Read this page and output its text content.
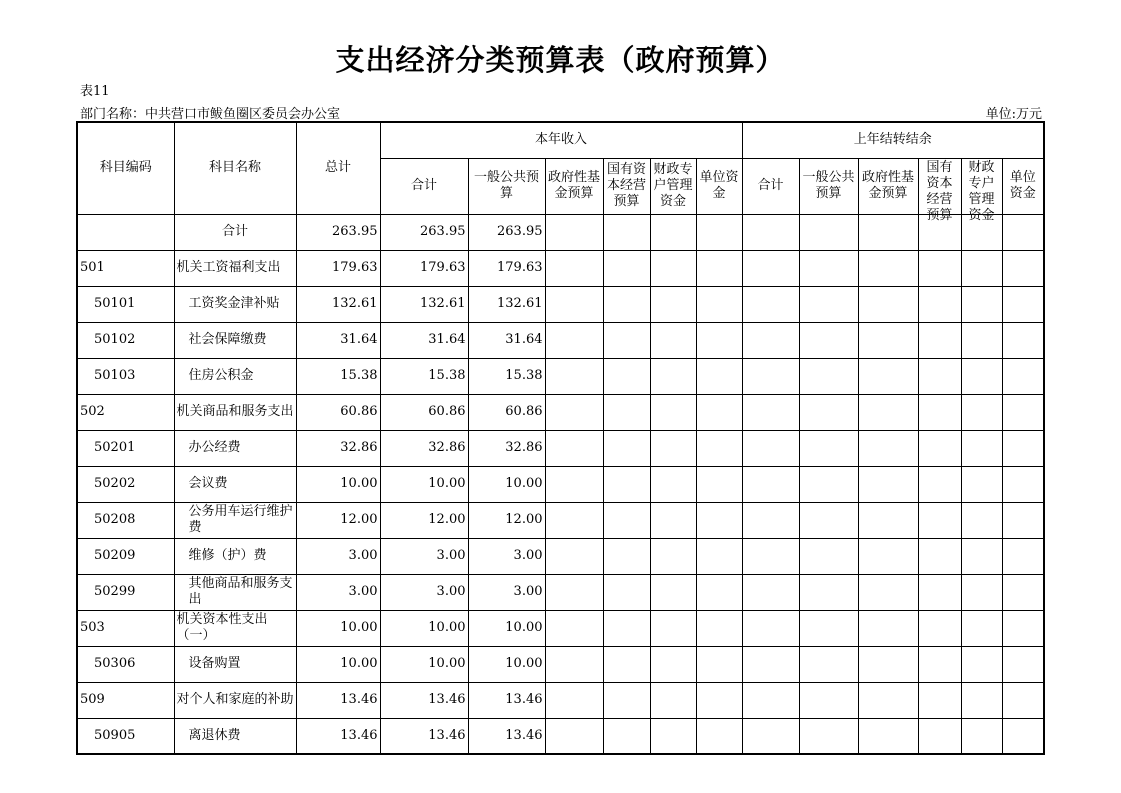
支出经济分类预算表（政府预算）
表11
部门名称：中共营口市鲅鱼圈区委员会办公室	单位:万元
科目编码	科目名称	总计	本年收入						上年结转结余					
			合计	一般公共预算	政府性基金预算	国有资本经营预算	财政专户管理资金	单位资金	合计	一般公共预算	政府性基金预算	国有资本经营预算	财政专户管理资金	单位资金
	合计	263.95	263.95	263.95										
501	机关工资福利支出	179.63	179.63	179.63										
50101	工资奖金津补贴	132.61	132.61	132.61										
50102	社会保障缴费	31.64	31.64	31.64										
50103	住房公积金	15.38	15.38	15.38										
502	机关商品和服务支出	60.86	60.86	60.86										
50201	办公经费	32.86	32.86	32.86										
50202	会议费	10.00	10.00	10.00										
50208	公务用车运行维护费	12.00	12.00	12.00										
50209	维修（护）费	3.00	3.00	3.00										
50299	其他商品和服务支出	3.00	3.00	3.00										
503	机关资本性支出（一）	10.00	10.00	10.00										
50306	设备购置	10.00	10.00	10.00										
509	对个人和家庭的补助	13.46	13.46	13.46										
50905	离退休费	13.46	13.46	13.46										
